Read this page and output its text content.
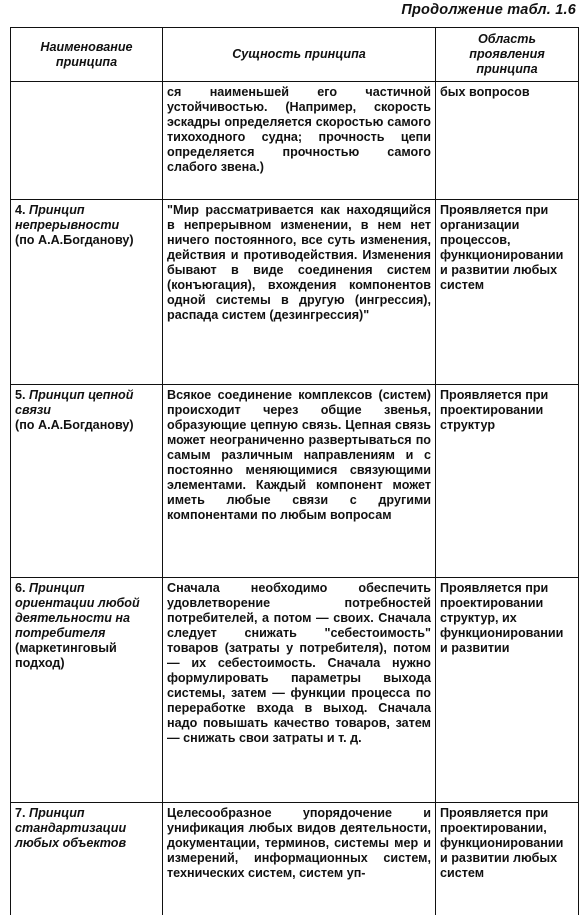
Продолжение табл. 1.6
Наименование принципа	Сущность принципа	Область проявления принципа
	ся наименьшей его частичной устойчивостью. (Например, скорость эскадры определяется скоростью самого тихоходного судна; прочность цепи определяется прочностью самого слабого звена.)	бых вопросов
4. Принцип непрерывности
(по А.А.Богданову)	"Мир рассматривается как находящийся в непрерывном изменении, в нем нет ничего постоянного, все суть изменения, действия и противодействия. Изменения бывают в виде соединения систем (конъюгация), вхождения компонентов одной системы в другую (ингрессия), распада систем (дезингрессия)"	Проявляется при организации процессов, функционировании и развитии любых систем
5. Принцип цепной связи
(по А.А.Богданову)	Всякое соединение комплексов (систем) происходит через общие звенья, образующие цепную связь. Цепная связь может неограниченно развертываться по самым различным направлениям и с постоянно меняющимися связующими элементами. Каждый компонент может иметь любые связи с другими компонентами по любым вопросам	Проявляется при проектировании структур
6. Принцип ориентации любой деятельности на потребителя (маркетинговый подход)	Сначала необходимо обеспечить удовлетворение потребностей потребителей, а потом — своих. Сначала следует снижать "себестоимость" товаров (затраты у потребителя), потом — их себестоимость. Сначала нужно формулировать параметры выхода системы, затем — функции процесса по переработке входа в выход. Сначала надо повышать качество товаров, затем — снижать свои затраты и т. д.	Проявляется при проектировании структур, их функционировании и развитии
7. Принцип стандартизации любых объектов	Целесообразное упорядочение и унификация любых видов деятельности, документации, терминов, системы мер и измерений, информационных систем, технических систем, систем уп-	Проявляется при проектировании, функционировании и развитии любых систем
